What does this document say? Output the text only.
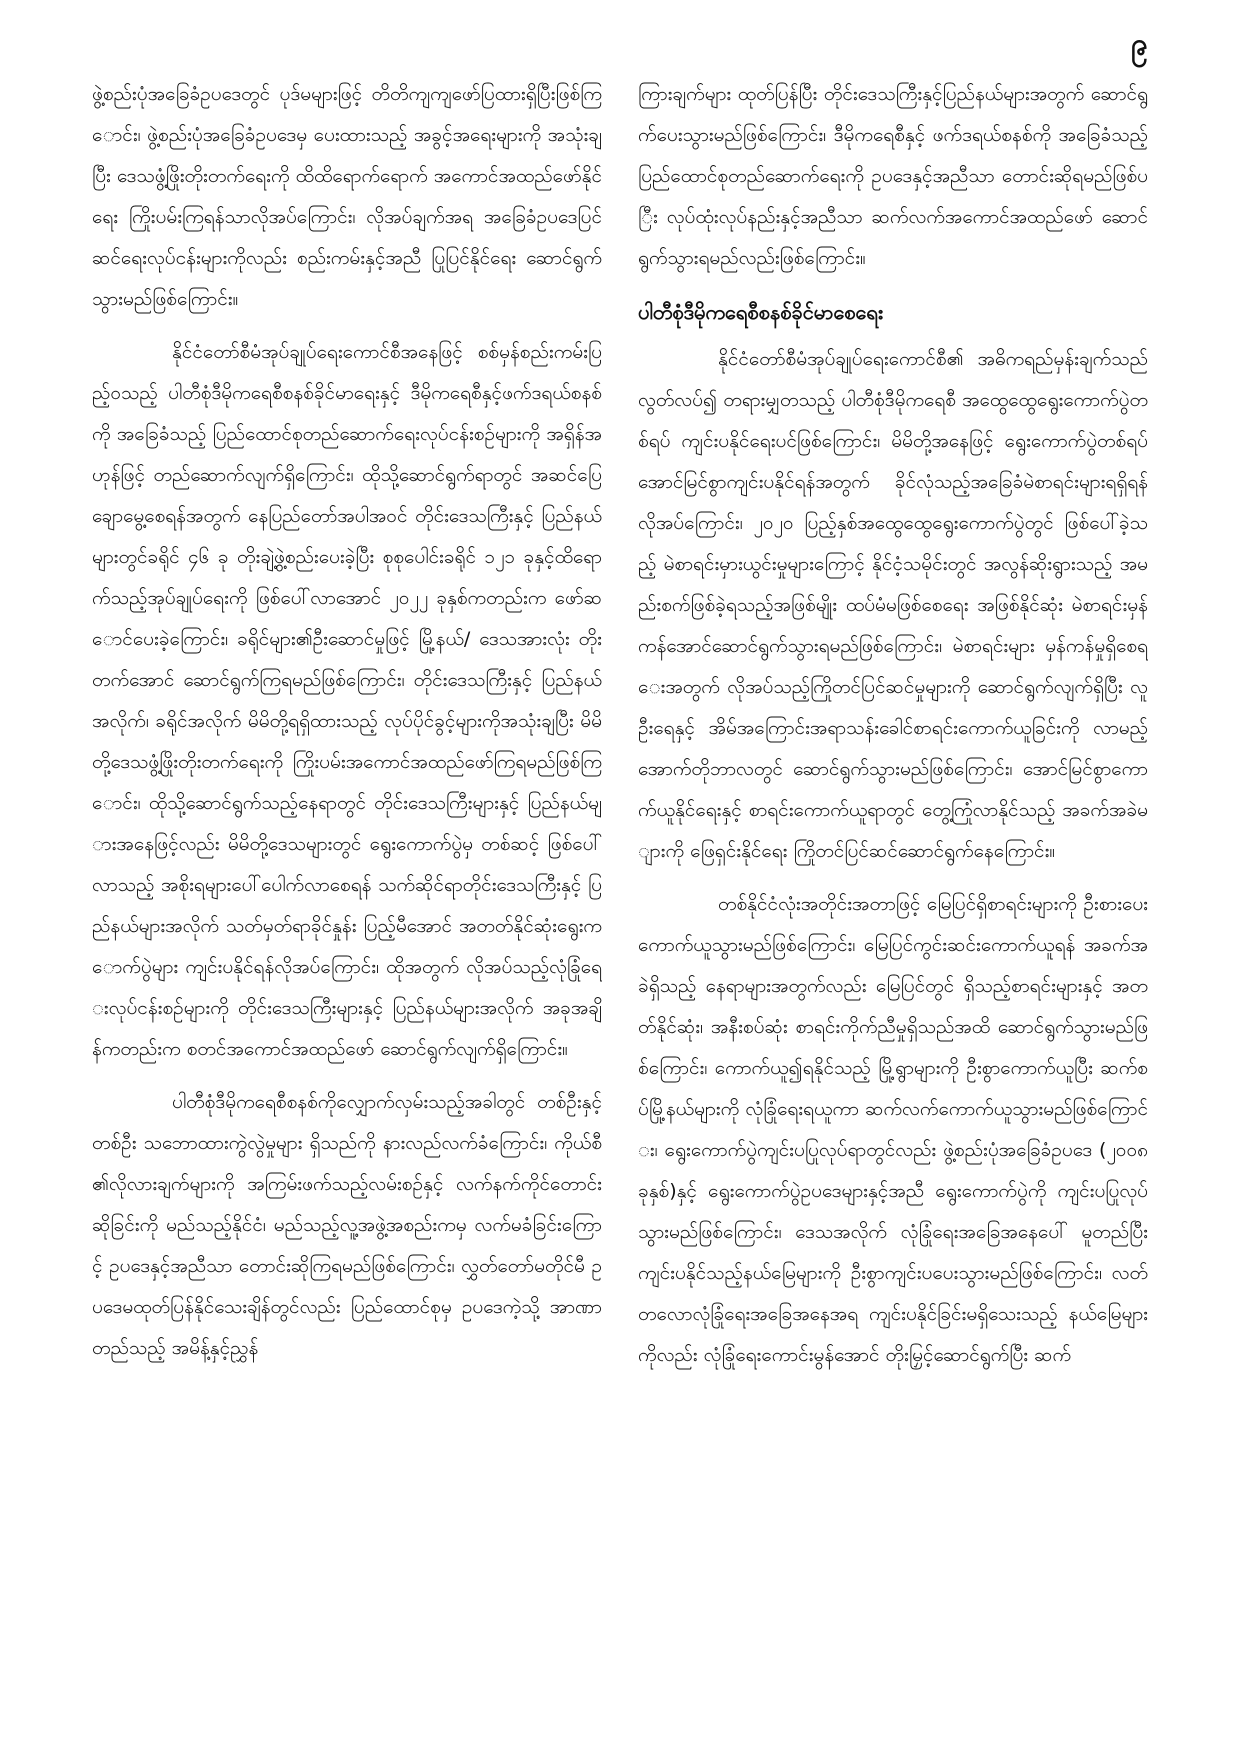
၉

ဖွဲ့စည်းပုံအခြေခံဥပဒေတွင် ပုဒ်မများဖြင့် တိတိကျကျဖော်ပြထားရှိပြီးဖြစ်ကြောင်း၊ ဖွဲ့စည်းပုံအခြေခံဥပဒေမှ ပေးထားသည့် အခွင့်အရေးများကို အသုံးချပြီး ဒေသဖွံ့ဖြိုးတိုးတက်ရေးကို ထိထိရောက်ရောက် အကောင်အထည်ဖော်နိုင်ရေး ကြိုးပမ်းကြရန်သာလိုအပ်ကြောင်း၊ လိုအပ်ချက်အရ အခြေခံဥပဒေပြင်ဆင်ရေးလုပ်ငန်းများကိုလည်း စည်းကမ်းနှင့်အညီ ပြုပြင်နိုင်ရေး ဆောင်ရွက်သွားမည်ဖြစ်ကြောင်း။

နိုင်ငံတော်စီမံအုပ်ချုပ်ရေးကောင်စီအနေဖြင့် စစ်မှန်စည်းကမ်းပြည့်ဝသည့် ပါတီစုံဒီမိုကရေစီစနစ်ခိုင်မာရေးနှင့် ဒီမိုကရေစီနှင့်ဖက်ဒရယ်စနစ်ကို အခြေခံသည့် ပြည်ထောင်စုတည်ဆောက်ရေးလုပ်ငန်းစဉ်များကို အရှိန်အဟုန်ဖြင့် တည်ဆောက်လျက်ရှိကြောင်း၊ ထိုသို့ဆောင်ရွက်ရာတွင် အဆင်ပြေချောမွေ့စေရန်အတွက် နေပြည်တော်အပါအဝင် တိုင်းဒေသကြီးနှင့် ပြည်နယ်များတွင်ခရိုင် ၄၆ ခု တိုးချဲ့ဖွဲ့စည်းပေးခဲ့ပြီး စုစုပေါင်းခရိုင် ၁၂၁ ခုနှင့်ထိရောက်သည့်အုပ်ချုပ်ရေးကို ဖြစ်ပေါ်လာအောင် ၂၀၂၂ ခုနှစ်ကတည်းက ဖော်ဆောင်ပေးခဲ့ကြောင်း၊ ခရိုင်များ၏ဦးဆောင်မှုဖြင့် မြို့နယ်/ ဒေသအားလုံး တိုးတက်အောင် ဆောင်ရွက်ကြရမည်ဖြစ်ကြောင်း၊ တိုင်းဒေသကြီးနှင့် ပြည်နယ်အလိုက်၊ ခရိုင်အလိုက် မိမိတို့ရရှိထားသည့် လုပ်ပိုင်ခွင့်များကိုအသုံးချပြီး မိမိတို့ဒေသဖွံ့ဖြိုးတိုးတက်ရေးကို ကြိုးပမ်းအကောင်အထည်ဖော်ကြရမည်ဖြစ်ကြောင်း၊ ထိုသို့ဆောင်ရွက်သည့်နေရာတွင် တိုင်းဒေသကြီးများနှင့် ပြည်နယ်များအနေဖြင့်လည်း မိမိတို့ဒေသများတွင် ရွေးကောက်ပွဲမှ တစ်ဆင့် ဖြစ်ပေါ်လာသည့် အစိုးရများပေါ်ပေါက်လာစေရန် သက်ဆိုင်ရာတိုင်းဒေသကြီးနှင့် ပြည်နယ်များအလိုက် သတ်မှတ်ရာခိုင်နှုန်း ပြည့်မီအောင် အတတ်နိုင်ဆုံးရွေးကောက်ပွဲများ ကျင်းပနိုင်ရန်လိုအပ်ကြောင်း၊ ထိုအတွက် လိုအပ်သည့်လုံခြုံရေးလုပ်ငန်းစဉ်များကို တိုင်းဒေသကြီးများနှင့် ပြည်နယ်များအလိုက် အခုအချိန်ကတည်းက စတင်အကောင်အထည်ဖော် ဆောင်ရွက်လျက်ရှိကြောင်း။

ပါတီစုံဒီမိုကရေစီစနစ်ကိုလျှောက်လှမ်းသည့်အခါတွင် တစ်ဦးနှင့်တစ်ဦး သဘောထားကွဲလွဲမှုများ ရှိသည်ကို နားလည်လက်ခံကြောင်း၊ ကိုယ်စီ၏လိုလားချက်များကို အကြမ်းဖက်သည့်လမ်းစဉ်နှင့် လက်နက်ကိုင်တောင်းဆိုခြင်းကို မည်သည့်နိုင်ငံ၊ မည်သည့်လူ့အဖွဲ့အစည်းကမှ လက်မခံခြင်းကြောင့် ဥပဒေနှင့်အညီသာ တောင်းဆိုကြရမည်ဖြစ်ကြောင်း၊ လွှတ်တော်မတိုင်မီ ဥပဒေမထုတ်ပြန်နိုင်သေးချိန်တွင်လည်း ပြည်ထောင်စုမှ ဥပဒေကဲ့သို့ အာဏာတည်သည့် အမိန့်နှင့်ညွှန်

ကြားချက်များ ထုတ်ပြန်ပြီး တိုင်းဒေသကြီးနှင့်ပြည်နယ်များအတွက် ဆောင်ရွက်ပေးသွားမည်ဖြစ်ကြောင်း၊ ဒီမိုကရေစီနှင့် ဖက်ဒရယ်စနစ်ကို အခြေခံသည့် ပြည်ထောင်စုတည်ဆောက်ရေးကို ဥပဒေနှင့်အညီသာ တောင်းဆိုရမည်ဖြစ်ပြီး လုပ်ထုံးလုပ်နည်းနှင့်အညီသာ ဆက်လက်အကောင်အထည်ဖော် ဆောင်ရွက်သွားရမည်လည်းဖြစ်ကြောင်း။

ပါတီစုံဒီမိုကရေစီစနစ်ခိုင်မာစေရေး

နိုင်ငံတော်စီမံအုပ်ချုပ်ရေးကောင်စီ၏ အဓိကရည်မှန်းချက်သည် လွတ်လပ်၍ တရားမျှတသည့် ပါတီစုံဒီမိုကရေစီ အထွေထွေရွေးကောက်ပွဲတစ်ရပ် ကျင်းပနိုင်ရေးပင်ဖြစ်ကြောင်း၊ မိမိတို့အနေဖြင့် ရွေးကောက်ပွဲတစ်ရပ် အောင်မြင်စွာကျင်းပနိုင်ရန်အတွက် ခိုင်လုံသည့်အခြေခံမဲစာရင်းများရရှိရန် လိုအပ်ကြောင်း၊ ၂၀၂၀ ပြည့်နှစ်အထွေထွေရွေးကောက်ပွဲတွင် ဖြစ်ပေါ်ခဲ့သည့် မဲစာရင်းမှားယွင်းမှုများကြောင့် နိုင်ငံ့သမိုင်းတွင် အလွန်ဆိုးရွားသည့် အမည်းစက်ဖြစ်ခဲ့ရသည့်အဖြစ်မျိုး ထပ်မံမဖြစ်စေရေး အဖြစ်နိုင်ဆုံး မဲစာရင်းမှန်ကန်အောင်ဆောင်ရွက်သွားရမည်ဖြစ်ကြောင်း၊ မဲစာရင်းများ မှန်ကန်မှုရှိစေရေးအတွက် လိုအပ်သည့်ကြိုတင်ပြင်ဆင်မှုများကို ဆောင်ရွက်လျက်ရှိပြီး လူဦးရေနှင့် အိမ်အကြောင်းအရာသန်းခေါင်စာရင်းကောက်ယူခြင်းကို လာမည့်အောက်တိုဘာလတွင် ဆောင်ရွက်သွားမည်ဖြစ်ကြောင်း၊ အောင်မြင်စွာကောက်ယူနိုင်ရေးနှင့် စာရင်းကောက်ယူရာတွင် တွေ့ကြုံလာနိုင်သည့် အခက်အခဲများကို ဖြေရှင်းနိုင်ရေး ကြိုတင်ပြင်ဆင်ဆောင်ရွက်နေကြောင်း။

တစ်နိုင်ငံလုံးအတိုင်းအတာဖြင့် မြေပြင်ရှိစာရင်းများကို ဦးစားပေးကောက်ယူသွားမည်ဖြစ်ကြောင်း၊ မြေပြင်ကွင်းဆင်းကောက်ယူရန် အခက်အခဲရှိသည့် နေရာများအတွက်လည်း မြေပြင်တွင် ရှိသည့်စာရင်းများနှင့် အတတ်နိုင်ဆုံး၊ အနီးစပ်ဆုံး စာရင်းကိုက်ညီမှုရှိသည်အထိ ဆောင်ရွက်သွားမည်ဖြစ်ကြောင်း၊ ကောက်ယူ၍ရနိုင်သည့် မြို့ရွာများကို ဦးစွာကောက်ယူပြီး ဆက်စပ်မြို့နယ်များကို လုံခြုံရေးရယူကာ ဆက်လက်ကောက်ယူသွားမည်ဖြစ်ကြောင်း၊ ရွေးကောက်ပွဲကျင်းပပြုလုပ်ရာတွင်လည်း ဖွဲ့စည်းပုံအခြေခံဥပဒေ (၂၀၀၈ ခုနှစ်)နှင့် ရွေးကောက်ပွဲဥပဒေများနှင့်အညီ ရွေးကောက်ပွဲကို ကျင်းပပြုလုပ်သွားမည်ဖြစ်ကြောင်း၊ ဒေသအလိုက် လုံခြုံရေးအခြေအနေပေါ် မူတည်ပြီး ကျင်းပနိုင်သည့်နယ်မြေများကို ဦးစွာကျင်းပပေးသွားမည်ဖြစ်ကြောင်း၊ လတ်တလောလုံခြုံရေးအခြေအနေအရ ကျင်းပနိုင်ခြင်းမရှိသေးသည့် နယ်မြေများကိုလည်း လုံခြုံရေးကောင်းမွန်အောင် တိုးမြှင့်ဆောင်ရွက်ပြီး ဆက်
